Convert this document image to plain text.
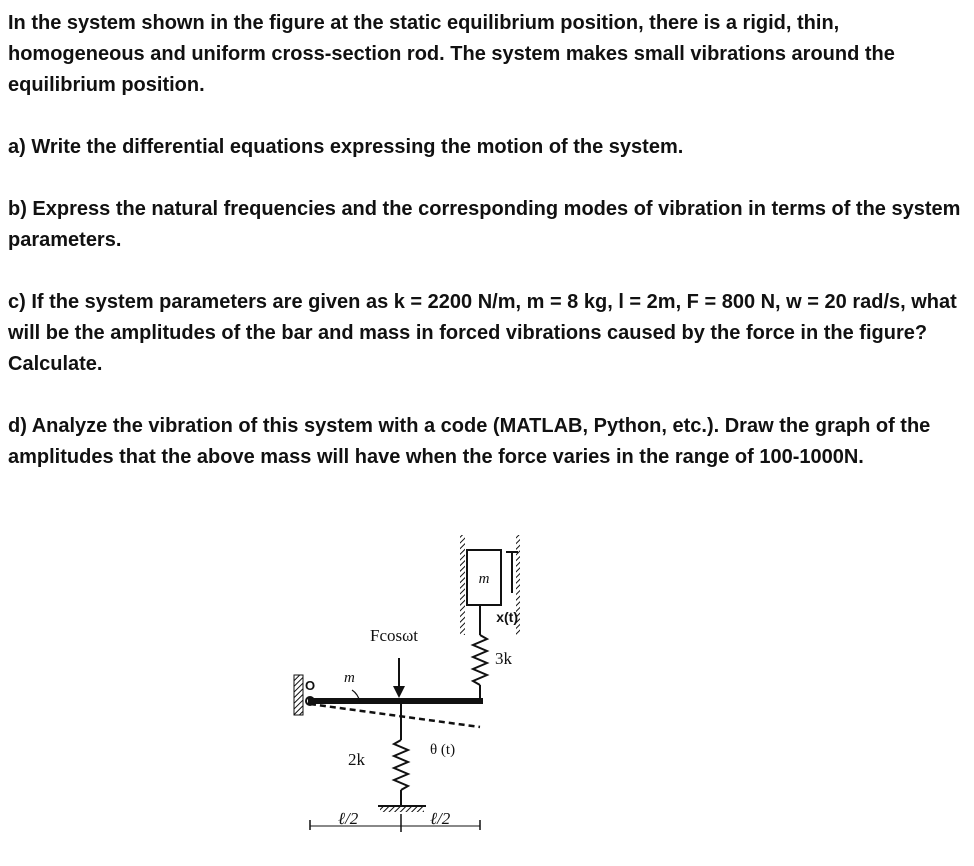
In the system shown in the figure at the static equilibrium position, there is a rigid, thin, homogeneous and uniform cross-section rod. The system makes small vibrations around the equilibrium position.

a) Write the differential equations expressing the motion of the system.

b) Express the natural frequencies and the corresponding modes of vibration in terms of the system parameters.

c) If the system parameters are given as k = 2200 N/m, m = 8 kg, l = 2m, F = 800 N, w = 20 rad/s, what will be the amplitudes of the bar and mass in forced vibrations caused by the force in the figure? Calculate.

d) Analyze the vibration of this system with a code (MATLAB, Python, etc.). Draw the graph of the amplitudes that the above mass will have when the force varies in the range of 100-1000N.

O m
Fcosωt
2k	θ (t)
3k
m
x(t)
ℓ/2	ℓ/2
